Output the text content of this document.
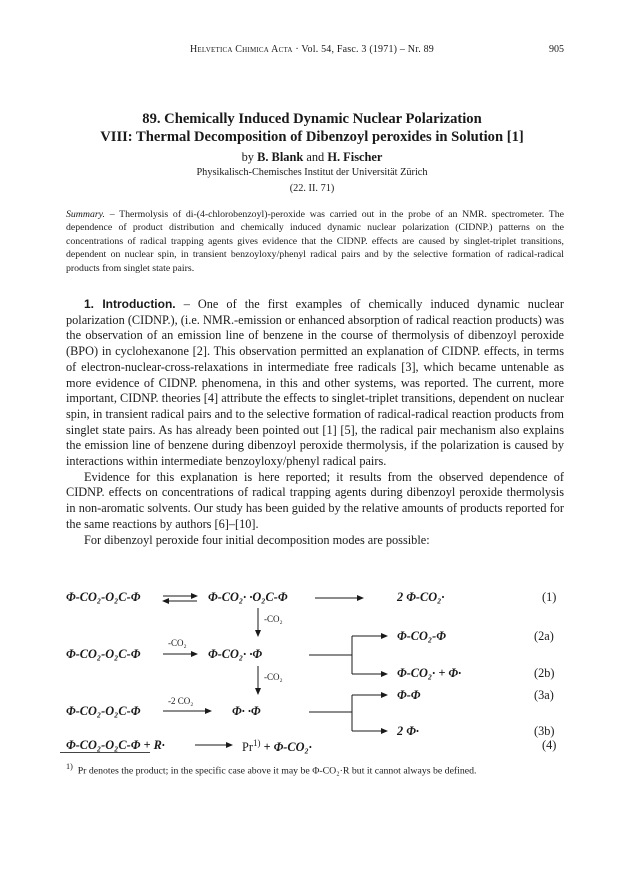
Helvetica Chimica Acta · Vol. 54, Fasc. 3 (1971) – Nr. 89	905
89. Chemically Induced Dynamic Nuclear Polarization
VIII: Thermal Decomposition of Dibenzoyl peroxides in Solution [1]
by B. Blank and H. Fischer
Physikalisch-Chemisches Institut der Universität Zürich
(22. II. 71)
Summary. – Thermolysis of di-(4-chlorobenzoyl)-peroxide was carried out in the probe of an NMR. spectrometer. The dependence of product distribution and chemically induced dynamic nuclear polarization (CIDNP.) patterns on the concentrations of radical trapping agents gives evidence that the CIDNP. effects are caused by singlet-triplet transitions, dependent on nuclear spin, in transient benzoyloxy/phenyl radical pairs and by the selective formation of radical-radical products from singlet state pairs.

1. Introduction. – One of the first examples of chemically induced dynamic nuclear polarization (CIDNP.), (i.e. NMR.-emission or enhanced absorption of radical reaction products) was the observation of an emission line of benzene in the course of thermolysis of dibenzoyl peroxide (BPO) in cyclohexanone [2]. This observation permitted an explanation of CIDNP. effects, in terms of electron-nuclear-cross-relaxations in intermediate free radicals [3], which became untenable as more evidence of CIDNP. phenomena, in this and other systems, was reported. The current, more important, CIDNP. theories [4] attribute the effects to singlet-triplet transitions, dependent on nuclear spin, in transient radical pairs and to the selective formation of radical-radical reaction products from singlet state pairs. As has already been pointed out [1] [5], the radical pair mechanism also explains the emission line of benzene during dibenzoyl peroxide thermolysis, if the polarization is caused by interactions within intermediate benzoyloxy/phenyl radical pairs.

Evidence for this explanation is here reported; it results from the observed dependence of CIDNP. effects on concentrations of radical trapping agents during dibenzoyl peroxide thermolysis in non-aromatic solvents. Our study has been guided by the relative amounts of products reported for the same reactions by authors [6]–[10].

For dibenzoyl peroxide four initial decomposition modes are possible:

Φ-CO₂-O₂C-Φ	Φ-CO₂· ·O₂C-Φ	2 Φ-CO₂·	(1)
-CO₂
-CO₂
Φ-CO₂-O₂C-Φ	Φ-CO₂· ·Φ
Φ-CO₂-Φ
Φ-CO₂· + Φ·
(2a)
(2b)
-CO₂
-2 CO₂
Φ-CO₂-O₂C-Φ	Φ· ·Φ
Φ-Φ
2 Φ·
(3a)
(3b)
Φ-CO₂-O₂C-Φ + R·	$Pr^{1)} + \Phi-CO_2\cdot$	(4)
$^{1)}$ Pr denotes the product; in the specific case above it may be Φ-CO₂·R but it cannot always be defined.
